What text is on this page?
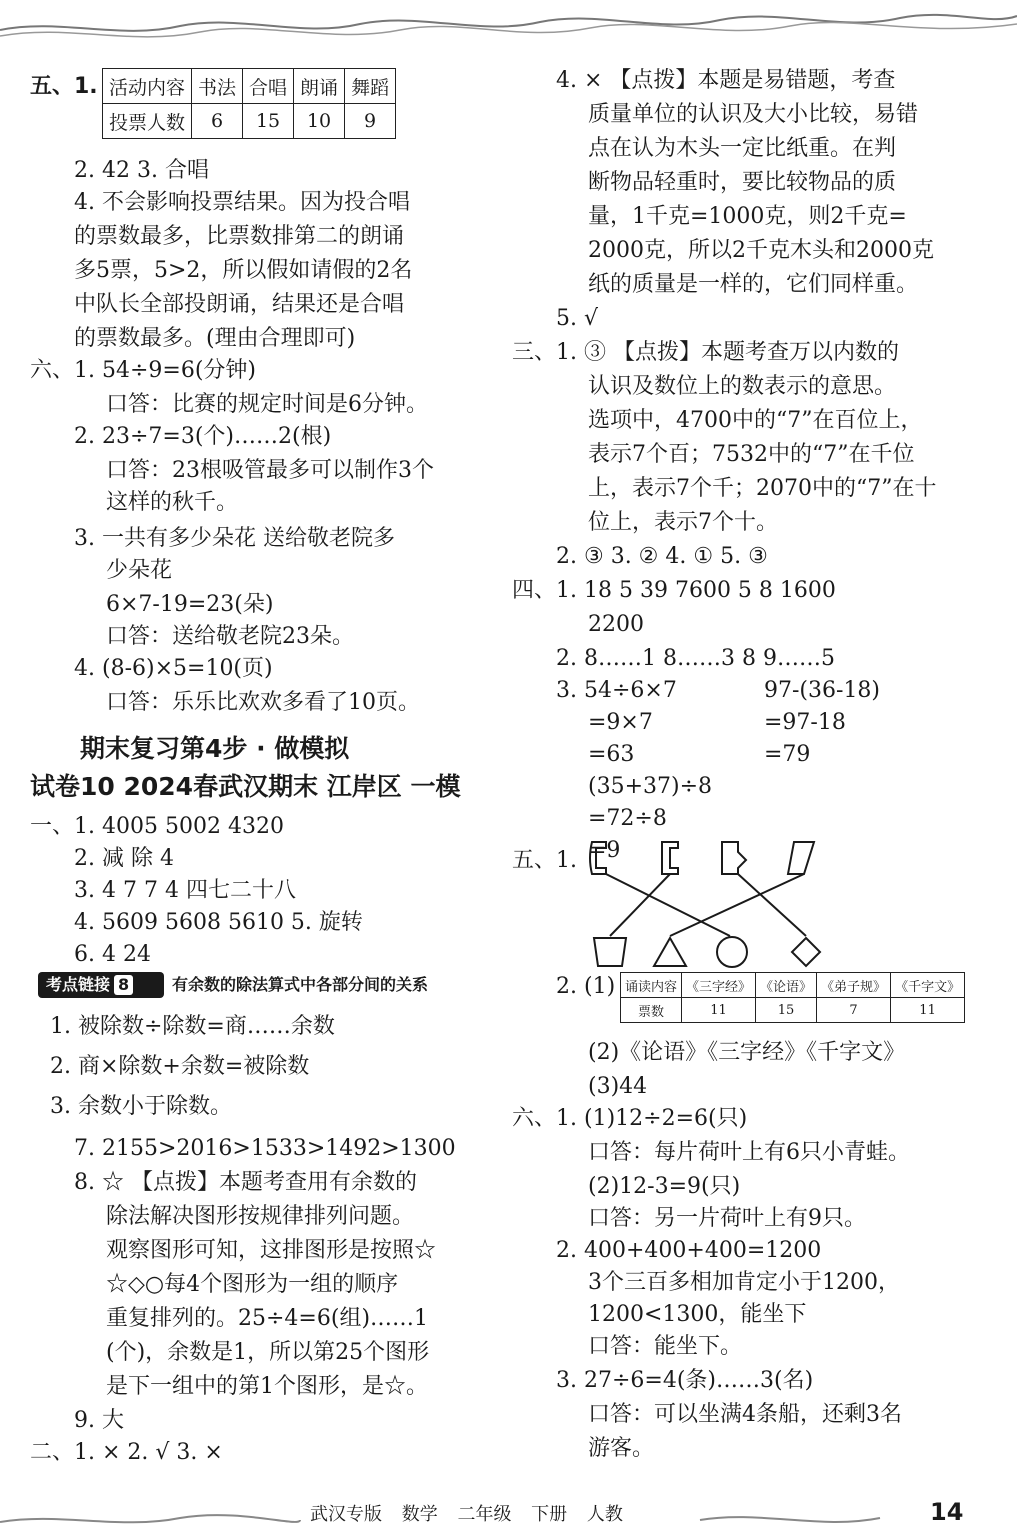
五、1. 活动内容	书法	合唱	朗诵	舞蹈
投票人数	6	15	10	9
2. 42 3. 合唱
4. 不会影响投票结果。因为投合唱
的票数最多，比票数排第二的朗诵
多5票，5>2，所以假如请假的2名
中队长全部投朗诵，结果还是合唱
的票数最多。(理由合理即可)
六、1. 54÷9=6(分钟)
口答：比赛的规定时间是6分钟。
2. 23÷7=3(个)……2(根)
口答：23根吸管最多可以制作3个
这样的秋千。
3. 一共有多少朵花 送给敬老院多
少朵花
6×7-19=23(朵)
口答：送给敬老院23朵。
4. (8-6)×5=10(页)
口答：乐乐比欢欢多看了10页。
期末复习第4步 · 做模拟
试卷10 2024春武汉期末 江岸区 一模
一、1. 4005 5002 4320
2. 减 除 4
3. 4 7 7 4 四七二十八
4. 5609 5608 5610 5. 旋转
6. 4 24
1. 被除数÷除数=商……余数
2. 商×除数+余数=被除数
3. 余数小于除数。
7. 2155>2016>1533>1492>1300
8. ☆ 【点拨】本题考查用有余数的
除法解决图形按规律排列问题。
观察图形可知，这排图形是按照☆
☆◇○每4个图形为一组的顺序
重复排列的。25÷4=6(组)……1
(个)，余数是1，所以第25个图形
是下一组中的第1个图形，是☆。
9. 大
二、1. × 2. √ 3. ×
考点链接 8	有余数的除法算式中各部分间的关系
4. × 【点拨】本题是易错题，考查
质量单位的认识及大小比较，易错
点在认为木头一定比纸重。在判
断物品轻重时，要比较物品的质
量，1千克=1000克，则2千克=
2000克，所以2千克木头和2000克
纸的质量是一样的，它们同样重。
5. √
三、1. ③ 【点拨】本题考查万以内数的
认识及数位上的数表示的意思。
选项中，4700中的“7”在百位上，
表示7个百；7532中的“7”在千位
上，表示7个千；2070中的“7”在十
位上，表示7个十。
2. ③ 3. ② 4. ① 5. ③
四、1. 18 5 39 7600 5 8 1600
2200
2. 8……1 8……3 8 9……5
3. 54÷6×7	97-(36-18)
=9×7	=97-18
=63	=79
(35+37)÷8
=72÷8
=9
五、1.
2. (1) 诵读内容	《三字经》	《论语》	《弟子规》	《千字文》
票数	11	15	7	11
(2)《论语》《三字经》《千字文》
(3)44
六、1. (1)12÷2=6(只)
口答：每片荷叶上有6只小青蛙。
(2)12-3=9(只)
口答：另一片荷叶上有9只。
2. 400+400+400=1200
3个三百多相加肯定小于1200，
1200<1300，能坐下
口答：能坐下。
3. 27÷6=4(条)……3(名)
口答：可以坐满4条船，还剩3名
游客。
武汉专版 数学 二年级 下册 人教	14
